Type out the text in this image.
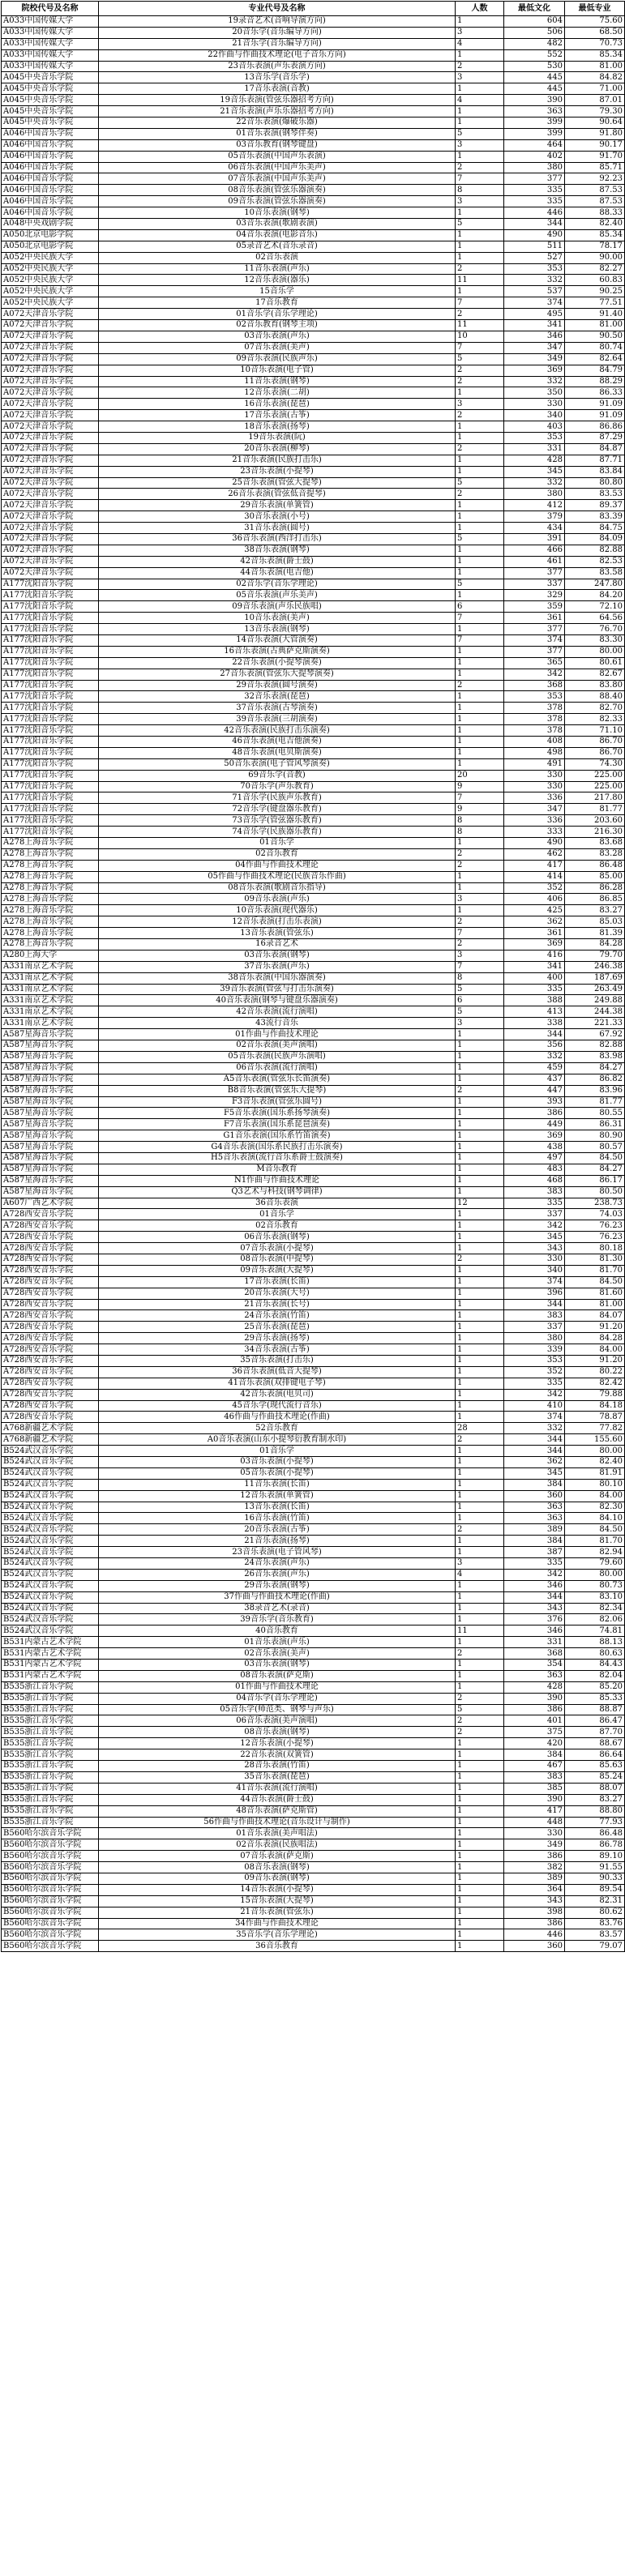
院校代号及名称	专业代号及名称	人数	最低文化	最低专业
A033中国传媒大学	19录音艺术(音响导演方向)	1	604	75.60
A033中国传媒大学	20音乐学(音乐编导方向)	3	506	68.50
A033中国传媒大学	21音乐学(音乐编导方向)	4	482	70.73
A033中国传媒大学	22作曲与作曲技术理论(电子音乐方向)	1	552	85.34
A033中国传媒大学	23音乐表演(声乐表演方向)	2	530	81.00
A045中央音乐学院	13音乐学(音乐学)	3	445	84.82
A045中央音乐学院	17音乐表演(音教)	1	445	71.00
A045中央音乐学院	19音乐表演(管弦乐器招考方向)	4	390	87.01
A045中央音乐学院	21音乐表演(声乐乐器招考方向)	1	363	79.30
A045中央音乐学院	22音乐表演(爆破乐器)	1	399	90.64
A046中国音乐学院	01音乐表演(钢琴伴奏)	5	399	91.80
A046中国音乐学院	03音乐教育(钢琴键盘)	3	464	90.17
A046中国音乐学院	05音乐表演(中国声乐表演)	1	402	91.70
A046中国音乐学院	06音乐表演(中国声乐美声)	2	380	85.71
A046中国音乐学院	07音乐表演(中国声乐美声)	7	377	92.23
A046中国音乐学院	08音乐表演(管弦乐器演奏)	8	335	87.53
A046中国音乐学院	09音乐表演(管弦乐器演奏)	3	335	87.53
A046中国音乐学院	10音乐表演(钢琴)	1	446	88.33
A048中央戏剧学院	03音乐表演(歌剧表演)	5	344	82.40
A050北京电影学院	04音乐表演(电影音乐)	1	490	85.34
A050北京电影学院	05录音艺术(音乐录音)	1	511	78.17
A052中央民族大学	02音乐表演	1	527	90.00
A052中央民族大学	11音乐表演(声乐)	2	353	82.27
A052中央民族大学	12音乐表演(器乐)	11	332	60.83
A052中央民族大学	15音乐学	1	537	90.25
A052中央民族大学	17音乐教育	7	374	77.51
A072天津音乐学院	01音乐学(音乐学理论)	2	495	91.40
A072天津音乐学院	02音乐教育(钢琴主项)	11	341	81.00
A072天津音乐学院	03音乐表演(声乐)	10	346	90.50
A072天津音乐学院	07音乐表演(美声)	7	347	80.74
A072天津音乐学院	09音乐表演(民族声乐)	5	349	82.64
A072天津音乐学院	10音乐表演(电子管)	2	369	84.79
A072天津音乐学院	11音乐表演(钢琴)	2	332	88.29
A072天津音乐学院	12音乐表演(二胡)	1	350	86.33
A072天津音乐学院	16音乐表演(琵琶)	3	330	91.09
A072天津音乐学院	17音乐表演(古筝)	2	340	91.09
A072天津音乐学院	18音乐表演(扬琴)	1	403	86.86
A072天津音乐学院	19音乐表演(阮)	1	353	87.29
A072天津音乐学院	20音乐表演(柳琴)	2	331	84.87
A072天津音乐学院	21音乐表演(民族打击乐)	1	428	87.71
A072天津音乐学院	23音乐表演(小提琴)	1	345	83.84
A072天津音乐学院	25音乐表演(管弦大提琴)	5	332	80.80
A072天津音乐学院	26音乐表演(管弦低音提琴)	2	380	83.53
A072天津音乐学院	29音乐表演(单簧管)	1	412	89.37
A072天津音乐学院	30音乐表演(小号)	1	379	83.39
A072天津音乐学院	31音乐表演(圆号)	1	434	84.75
A072天津音乐学院	36音乐表演(西洋打击乐)	5	391	84.09
A072天津音乐学院	38音乐表演(钢琴)	1	466	82.88
A072天津音乐学院	42音乐表演(爵士鼓)	1	461	82.53
A072天津音乐学院	44音乐表演(电吉他)	1	377	83.58
A177沈阳音乐学院	02音乐学(音乐学理论)	5	337	247.80
A177沈阳音乐学院	05音乐表演(声乐美声)	1	329	84.20
A177沈阳音乐学院	09音乐表演(声乐民族唱)	6	359	72.10
A177沈阳音乐学院	10音乐表演(美声)	7	361	64.56
A177沈阳音乐学院	13音乐表演(钢琴)	1	377	76.70
A177沈阳音乐学院	14音乐表演(大管演奏)	7	374	83.30
A177沈阳音乐学院	16音乐表演(古典萨克斯演奏)	1	377	80.00
A177沈阳音乐学院	22音乐表演(小提琴演奏)	1	365	80.61
A177沈阳音乐学院	27音乐表演(管弦乐大提琴演奏)	1	342	82.67
A177沈阳音乐学院	29音乐表演(圆号演奏)	2	368	83.80
A177沈阳音乐学院	32音乐表演(琵琶)	1	353	88.40
A177沈阳音乐学院	37音乐表演(古琴演奏)	1	378	82.70
A177沈阳音乐学院	39音乐表演(三胡演奏)	1	378	82.33
A177沈阳音乐学院	42音乐表演(民族打击乐演奏)	1	378	71.10
A177沈阳音乐学院	46音乐表演(电吉他演奏)	1	408	86.70
A177沈阳音乐学院	48音乐表演(电贝斯演奏)	1	498	86.70
A177沈阳音乐学院	50音乐表演(电子管风琴演奏)	1	491	74.30
A177沈阳音乐学院	69音乐学(音教)	20	330	225.00
A177沈阳音乐学院	70音乐学(声乐教育)	9	330	225.00
A177沈阳音乐学院	71音乐学(民族声乐教育)	7	336	217.80
A177沈阳音乐学院	72音乐学(键盘器乐教育)	9	347	81.77
A177沈阳音乐学院	73音乐学(管弦器乐教育)	8	336	203.60
A177沈阳音乐学院	74音乐学(民族器乐教育)	8	333	216.30
A278上海音乐学院	01音乐学	1	490	83.68
A278上海音乐学院	02音乐教育	2	462	83.28
A278上海音乐学院	04作曲与作曲技术理论	2	417	86.48
A278上海音乐学院	05作曲与作曲技术理论(民族音乐作曲)	1	414	85.00
A278上海音乐学院	08音乐表演(歌剧音乐指导)	1	352	86.28
A278上海音乐学院	09音乐表演(声乐)	3	406	86.85
A278上海音乐学院	10音乐表演(现代器乐)	1	425	83.27
A278上海音乐学院	12音乐表演(打击乐表演)	2	362	85.03
A278上海音乐学院	13音乐表演(管弦乐)	7	361	81.39
A278上海音乐学院	16录音艺术	2	369	84.28
A280上海大学	03音乐表演(钢琴)	3	416	79.70
A331南京艺术学院	37音乐表演(声乐)	7	341	246.38
A331南京艺术学院	38音乐表演(中国乐器演奏)	8	400	187.69
A331南京艺术学院	39音乐表演(管弦与打击乐演奏)	5	335	263.49
A331南京艺术学院	40音乐表演(钢琴与键盘乐器演奏)	6	388	249.88
A331南京艺术学院	42音乐表演(流行演唱)	5	413	244.38
A331南京艺术学院	43流行音乐	3	338	221.33
A587星海音乐学院	01作曲与作曲技术理论	1	344	67.92
A587星海音乐学院	02音乐表演(美声演唱)	1	356	82.88
A587星海音乐学院	05音乐表演(民族声乐演唱)	1	332	83.98
A587星海音乐学院	06音乐表演(流行演唱)	1	459	84.27
A587星海音乐学院	A5音乐表演(管弦乐长笛演奏)	1	437	86.82
A587星海音乐学院	B8音乐表演(管弦乐大提琴)	2	447	83.96
A587星海音乐学院	F3音乐表演(管弦乐圆号)	1	393	81.77
A587星海音乐学院	F5音乐表演(国乐系扬琴演奏)	1	386	80.55
A587星海音乐学院	F7音乐表演(国乐系琵琶演奏)	1	449	86.31
A587星海音乐学院	G1音乐表演(国乐系竹笛演奏)	1	369	80.90
A587星海音乐学院	G4音乐表演(国乐系民族打击乐演奏)	1	438	80.57
A587星海音乐学院	H5音乐表演(流行音乐系爵士鼓演奏)	1	497	84.50
A587星海音乐学院	M音乐教育	1	483	84.27
A587星海音乐学院	N1作曲与作曲技术理论	1	468	86.17
A587星海音乐学院	Q3艺术与科技(钢琴调律)	1	383	80.50
A607广西艺术学院	36音乐表演	12	335	238.73
A728西安音乐学院	01音乐学	1	337	74.03
A728西安音乐学院	02音乐教育	1	342	76.23
A728西安音乐学院	06音乐表演(钢琴)	1	345	76.23
A728西安音乐学院	07音乐表演(小提琴)	1	343	80.18
A728西安音乐学院	08音乐表演(中提琴)	2	330	81.30
A728西安音乐学院	09音乐表演(大提琴)	1	340	81.70
A728西安音乐学院	17音乐表演(长笛)	1	374	84.50
A728西安音乐学院	20音乐表演(大号)	1	396	81.60
A728西安音乐学院	21音乐表演(长号)	1	344	81.00
A728西安音乐学院	24音乐表演(竹笛)	1	383	84.07
A728西安音乐学院	25音乐表演(琵琶)	1	337	91.20
A728西安音乐学院	29音乐表演(扬琴)	1	380	84.28
A728西安音乐学院	34音乐表演(古筝)	1	339	84.00
A728西安音乐学院	35音乐表演(打击乐)	1	353	91.20
A728西安音乐学院	36音乐表演(低音大提琴)	1	352	80.22
A728西安音乐学院	41音乐表演(双排键电子琴)	1	335	82.42
A728西安音乐学院	42音乐表演(电贝司)	1	342	79.88
A728西安音乐学院	45音乐学(现代流行音乐)	1	410	84.18
A728西安音乐学院	46作曲与作曲技术理论(作曲)	1	374	78.87
A768新疆艺术学院	52音乐教育	28	332	77.82
A768新疆艺术学院	A0音乐表演(山东小提琴衍教育制水印)	2	344	155.60
B524武汉音乐学院	01音乐学	1	344	80.00
B524武汉音乐学院	03音乐表演(小提琴)	1	362	82.40
B524武汉音乐学院	05音乐表演(小提琴)	1	345	81.91
B524武汉音乐学院	11音乐表演(长笛)	1	384	80.10
B524武汉音乐学院	12音乐表演(单簧管)	1	360	84.00
B524武汉音乐学院	13音乐表演(长笛)	1	363	82.30
B524武汉音乐学院	16音乐表演(竹笛)	1	363	84.10
B524武汉音乐学院	20音乐表演(古筝)	2	389	84.50
B524武汉音乐学院	21音乐表演(扬琴)	1	384	81.70
B524武汉音乐学院	23音乐表演(电子管风琴)	1	387	82.94
B524武汉音乐学院	24音乐表演(声乐)	3	335	79.60
B524武汉音乐学院	26音乐表演(声乐)	4	342	80.00
B524武汉音乐学院	29音乐表演(钢琴)	1	346	80.73
B524武汉音乐学院	37作曲与作曲技术理论(作曲)	1	344	83.10
B524武汉音乐学院	38录音艺术(录音)	1	343	82.34
B524武汉音乐学院	39音乐学(音乐教育)	1	376	82.06
B524武汉音乐学院	40音乐教育	11	346	74.81
B531内蒙古艺术学院	01音乐表演(声乐)	1	331	88.13
B531内蒙古艺术学院	02音乐表演(美声)	2	368	80.63
B531内蒙古艺术学院	03音乐表演(钢琴)	1	354	84.43
B531内蒙古艺术学院	08音乐表演(萨克斯)	1	363	82.04
B535浙江音乐学院	01作曲与作曲技术理论	1	428	85.20
B535浙江音乐学院	04音乐学(音乐学理论)	2	390	85.33
B535浙江音乐学院	05音乐学(师范类、钢琴与声乐)	5	386	88.87
B535浙江音乐学院	06音乐表演(美声演唱)	2	401	86.47
B535浙江音乐学院	08音乐表演(钢琴)	2	375	87.70
B535浙江音乐学院	12音乐表演(小提琴)	1	420	88.67
B535浙江音乐学院	22音乐表演(双簧管)	1	384	86.64
B535浙江音乐学院	28音乐表演(竹笛)	1	467	85.63
B535浙江音乐学院	35音乐表演(琵琶)	1	383	85.24
B535浙江音乐学院	41音乐表演(流行演唱)	1	385	88.07
B535浙江音乐学院	44音乐表演(爵士鼓)	1	390	83.27
B535浙江音乐学院	48音乐表演(萨克斯管)	1	417	88.80
B535浙江音乐学院	56作曲与作曲技术理论(音乐设计与制作)	1	448	77.93
B560哈尔滨音乐学院	01音乐表演(美声唱法)	1	330	86.48
B560哈尔滨音乐学院	02音乐表演(民族唱法)	1	349	86.78
B560哈尔滨音乐学院	07音乐表演(萨克斯)	1	386	89.10
B560哈尔滨音乐学院	08音乐表演(钢琴)	1	382	91.55
B560哈尔滨音乐学院	09音乐表演(钢琴)	1	389	90.33
B560哈尔滨音乐学院	14音乐表演(小提琴)	1	364	89.54
B560哈尔滨音乐学院	15音乐表演(大提琴)	1	343	82.31
B560哈尔滨音乐学院	21音乐表演(管弦乐)	1	398	80.62
B560哈尔滨音乐学院	34作曲与作曲技术理论	1	386	83.76
B560哈尔滨音乐学院	35音乐学(音乐学理论)	1	446	83.57
B560哈尔滨音乐学院	36音乐教育	1	360	79.07
